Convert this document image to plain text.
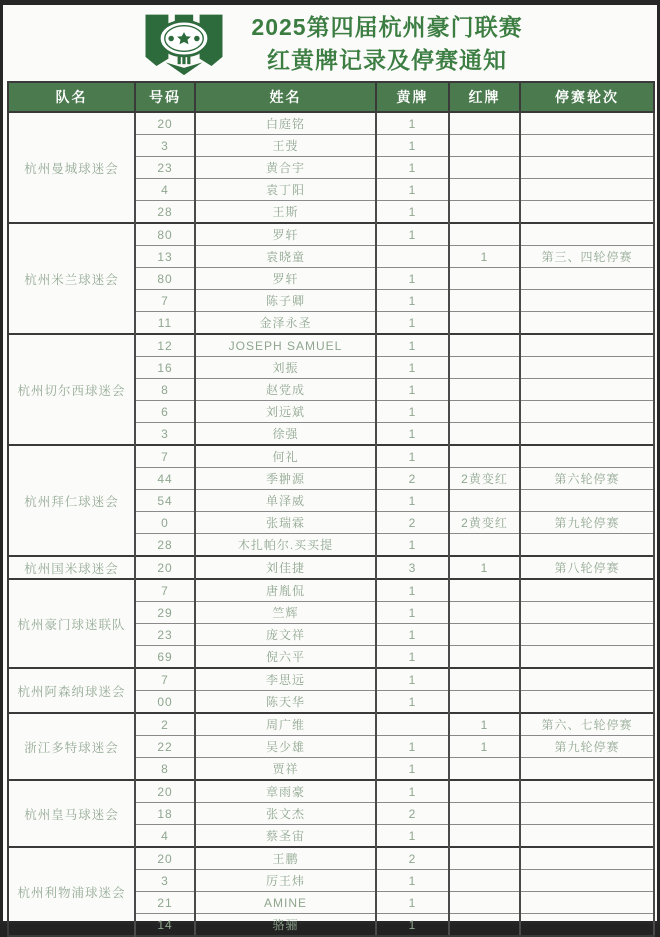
2025第四届杭州豪门联赛
红黄牌记录及停赛通知
队名	号码	姓名	黄牌	红牌	停赛轮次
杭州曼城球迷会	20	白庭铭	1		
	3	王弢	1		
	23	黄合宇	1		
	4	袁丁阳	1		
	28	王斯	1		
杭州米兰球迷会	80	罗轩	1		
	13	袁晓童		1	第三、四轮停赛
	80	罗轩	1		
	7	陈子卿	1		
	11	金泽永圣	1		
杭州切尔西球迷会	12	JOSEPH SAMUEL	1		
	16	刘振	1		
	8	赵党成	1		
	6	刘远斌	1		
	3	徐强	1		
杭州拜仁球迷会	7	何礼	1		
	44	季翀源	2	2黄变红	第六轮停赛
	54	单泽威	1		
	0	张瑞霖	2	2黄变红	第九轮停赛
	28	木扎帕尔.买买提	1		
杭州国米球迷会	20	刘佳捷	3	1	第八轮停赛
杭州豪门球迷联队	7	唐胤侃	1		
	29	竺辉	1		
	23	庞文祥	1		
	69	倪六平	1		
杭州阿森纳球迷会	7	李思远	1		
	00	陈天华	1		
浙江多特球迷会	2	周广维		1	第六、七轮停赛
	22	吴少雄	1	1	第九轮停赛
	8	贾祥	1		
杭州皇马球迷会	20	章雨豪	1		
	18	张文杰	2		
	4	蔡圣宙	1		
杭州利物浦球迷会	20	王鹏	2		
	3	厉王炜	1		
	21	AMINE	1		
	14	骆骊	1		
